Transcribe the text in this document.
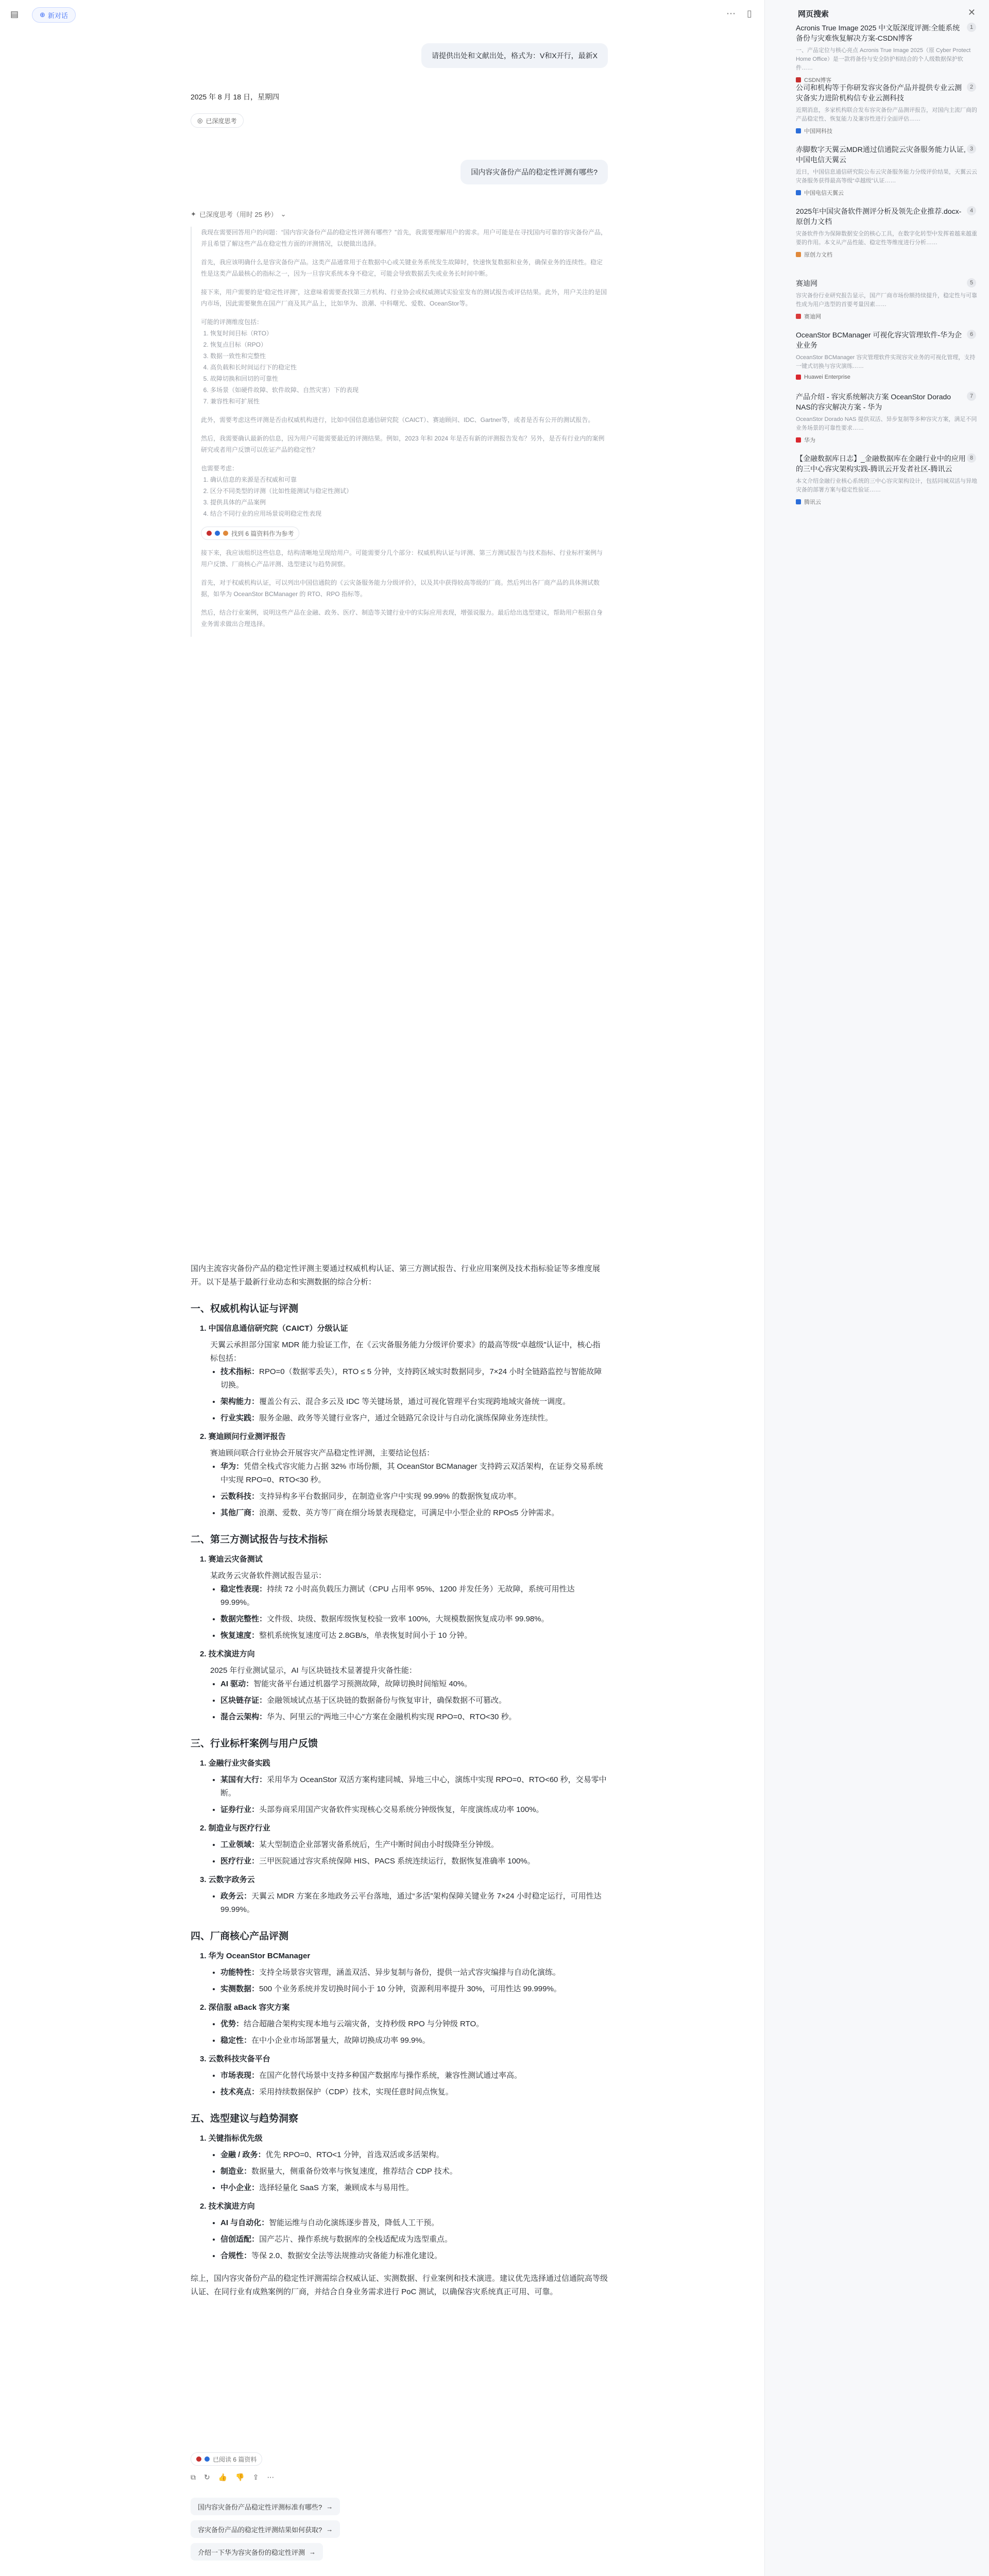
▤	⊕ 新对话	⋯ ▯
请提供出处和文献出处，格式为：V和X开行，最新X
2025 年 8 月 18 日，星期四
◎ 已深度思考
国内容灾备份产品的稳定性评测有哪些?
✦ 已深度思考（用时 25 秒） ⌄

我现在需要回答用户的问题：“国内容灾备份产品的稳定性评测有哪些？”首先，我需要理解用户的需求。用户可能是在寻找国内可靠的容灾备份产品，并且希望了解这些产品在稳定性方面的评测情况，以便做出选择。

首先，我应该明确什么是容灾备份产品。这类产品通常用于在数据中心或关键业务系统发生故障时，快速恢复数据和业务，确保业务的连续性。稳定性是这类产品最核心的指标之一，因为一旦容灾系统本身不稳定，可能会导致数据丢失或业务长时间中断。

接下来，用户需要的是“稳定性评测”，这意味着需要查找第三方机构、行业协会或权威测试实验室发布的测试报告或评估结果。此外，用户关注的是国内市场，因此需要聚焦在国产厂商及其产品上，比如华为、浪潮、中科曙光、爱数、OceanStor等。

可能的评测维度包括：
1. 恢复时间目标（RTO）
2. 恢复点目标（RPO）
3. 数据一致性和完整性
4. 高负载和长时间运行下的稳定性
5. 故障切换和回切的可靠性
6. 多场景（如硬件故障、软件故障、自然灾害）下的表现
7. 兼容性和可扩展性

此外，需要考虑这些评测是否由权威机构进行，比如中国信息通信研究院（CAICT）、赛迪顾问、IDC、Gartner等，或者是否有公开的测试报告。

然后，我需要确认最新的信息，因为用户可能需要最近的评测结果。例如，2023 年和 2024 年是否有新的评测报告发布？另外，是否有行业内的案例研究或者用户反馈可以佐证产品的稳定性？

也需要考虑：
1. 确认信息的来源是否权威和可靠
2. 区分不同类型的评测（比如性能测试与稳定性测试）
3. 提供具体的产品案例
4. 结合不同行业的应用场景说明稳定性表现
找到 6 篇资料作为参考

接下来，我应该组织这些信息，结构清晰地呈现给用户。可能需要分几个部分：权威机构认证与评测、第三方测试报告与技术指标、行业标杆案例与用户反馈、厂商核心产品评测、选型建议与趋势洞察。

首先，对于权威机构认证，可以列出中国信通院的《云灾备服务能力分级评价》，以及其中获得较高等级的厂商。然后列出各厂商产品的具体测试数据，如华为 OceanStor BCManager 的 RTO、RPO 指标等。

然后，结合行业案例，说明这些产品在金融、政务、医疗、制造等关键行业中的实际应用表现，增强说服力。最后给出选型建议，帮助用户根据自身业务需求做出合理选择。

国内主流容灾备份产品的稳定性评测主要通过权威机构认证、第三方测试报告、行业应用案例及技术指标验证等多维度展开。以下是基于最新行业动态和实测数据的综合分析：

一、权威机构认证与评测
1. 中国信息通信研究院（CAICT）分级认证

天翼云承担部分国家 MDR 能力验证工作，在《云灾备服务能力分级评价要求》的最高等级“卓越级”认证中，核心指标包括：

• 技术指标：RPO=0（数据零丢失），RTO ≤ 5 分钟，支持跨区域实时数据同步，7×24 小时全链路监控与智能故障切换。
• 架构能力：覆盖公有云、混合多云及 IDC 等关键场景，通过可视化管理平台实现跨地域灾备统一调度。
• 行业实践：服务金融、政务等关键行业客户，通过全链路冗余设计与自动化演练保障业务连续性。
2. 赛迪顾问行业测评报告

赛迪顾问联合行业协会开展容灾产品稳定性评测，主要结论包括：

• 华为：凭借全栈式容灾能力占据 32% 市场份额，其 OceanStor BCManager 支持跨云双活架构，在证券交易系统中实现 RPO=0、RTO<30 秒。
• 云数科技：支持异构多平台数据同步，在制造业客户中实现 99.99% 的数据恢复成功率。
• 其他厂商：浪潮、爱数、英方等厂商在细分场景表现稳定，可满足中小型企业的 RPO≤5 分钟需求。
二、第三方测试报告与技术指标
1. 赛迪云灾备测试

某政务云灾备软件测试报告显示：

• 稳定性表现：持续 72 小时高负载压力测试（CPU 占用率 95%、1200 并发任务）无故障，系统可用性达 99.99%。
• 数据完整性：文件级、块级、数据库级恢复校验一致率 100%，大规模数据恢复成功率 99.98%。
• 恢复速度：整机系统恢复速度可达 2.8GB/s，单表恢复时间小于 10 分钟。
2. 技术演进方向

2025 年行业测试显示，AI 与区块链技术显著提升灾备性能：

• AI 驱动：智能灾备平台通过机器学习预测故障，故障切换时间缩短 40%。
• 区块链存证：金融领域试点基于区块链的数据备份与恢复审计，确保数据不可篡改。
• 混合云架构：华为、阿里云的“两地三中心”方案在金融机构实现 RPO=0、RTO<30 秒。
三、行业标杆案例与用户反馈
1. 金融行业灾备实践
• 某国有大行：采用华为 OceanStor 双活方案构建同城、异地三中心，演练中实现 RPO=0、RTO<60 秒，交易零中断。
• 证券行业：头部券商采用国产灾备软件实现核心交易系统分钟级恢复，年度演练成功率 100%。
2. 制造业与医疗行业
• 工业领域：某大型制造企业部署灾备系统后，生产中断时间由小时级降至分钟级。
• 医疗行业：三甲医院通过容灾系统保障 HIS、PACS 系统连续运行，数据恢复准确率 100%。
3. 云数字政务云
• 政务云：天翼云 MDR 方案在多地政务云平台落地，通过“多活”架构保障关键业务 7×24 小时稳定运行，可用性达 99.99%。
四、厂商核心产品评测
1. 华为 OceanStor BCManager
• 功能特性：支持全场景容灾管理，涵盖双活、异步复制与备份，提供一站式容灾编排与自动化演练。
• 实测数据：500 个业务系统并发切换时间小于 10 分钟，资源利用率提升 30%，可用性达 99.999%。
2. 深信服 aBack 容灾方案
• 优势：结合超融合架构实现本地与云端灾备，支持秒级 RPO 与分钟级 RTO。
• 稳定性：在中小企业市场部署量大，故障切换成功率 99.9%。
3. 云数科技灾备平台
• 市场表现：在国产化替代场景中支持多种国产数据库与操作系统，兼容性测试通过率高。
• 技术亮点：采用持续数据保护（CDP）技术，实现任意时间点恢复。
五、选型建议与趋势洞察
1. 关键指标优先级
• 金融 / 政务：优先 RPO=0、RTO<1 分钟，首选双活或多活架构。
• 制造业：数据量大，侧重备份效率与恢复速度，推荐结合 CDP 技术。
• 中小企业：选择轻量化 SaaS 方案，兼顾成本与易用性。
2. 技术演进方向
• AI 与自动化：智能运维与自动化演练逐步普及，降低人工干预。
• 信创适配：国产芯片、操作系统与数据库的全栈适配成为选型重点。
• 合规性：等保 2.0、数据安全法等法规推动灾备能力标准化建设。

综上，国内容灾备份产品的稳定性评测需综合权威认证、实测数据、行业案例和技术演进。建议优先选择通过信通院高等级认证、在同行业有成熟案例的厂商，并结合自身业务需求进行 PoC 测试，以确保容灾系统真正可用、可靠。

已阅读 6 篇资料
⧉ ↻ 👍 👎 ⇪ ⋯
国内容灾备份产品稳定性评测标准有哪些? →
容灾备份产品的稳定性评测结果如何获取? →
介绍一下华为容灾备份的稳定性评测 →
网页搜索	✕
Acronis True Image 2025 中文版深度评测:全能系统备份与灾难恢复解决方案-CSDN博客
1
一、产品定位与核心亮点 Acronis True Image 2025（原 Cyber Protect Home Office）是一款将备份与安全防护相结合的个人级数据保护软件……
CSDN博客
公司和机构等于你研发容灾备份产品并提供专业云测灾备实力进阶机构信专业云测科技
2
近期消息，多家机构联合发布容灾备份产品测评报告，对国内主流厂商的产品稳定性、恢复能力及兼容性进行全面评估……
中国网科技
赤脚数字天翼云MDR通过信通院云灾备服务能力认证,中国电信天翼云
3
近日，中国信息通信研究院公布云灾备服务能力分级评价结果，天翼云云灾备服务获得最高等级“卓越级”认证……
中国电信天翼云
2025年中国灾备软件测评分析及领先企业推荐.docx-原创力文档
4
灾备软件作为保障数据安全的核心工具，在数字化转型中发挥着越来越重要的作用。本文从产品性能、稳定性等维度进行分析……
原创力文档
赛迪网	5
容灾备份行业研究报告显示，国产厂商市场份额持续提升，稳定性与可靠性成为用户选型的首要考量因素……
赛迪网
OceanStor BCManager 可视化容灾管理软件-华为企业业务
6
OceanStor BCManager 容灾管理软件实现容灾业务的可视化管理，支持一键式切换与容灾演练……
Huawei Enterprise
产品介绍 - 容灾系统解决方案 OceanStor Dorado NAS的容灾解决方案 - 华为
7
OceanStor Dorado NAS 提供双活、异步复制等多种容灾方案，满足不同业务场景的可靠性要求……
华为
【金融数据库日志】_金融数据库在金融行业中的应用的三中心容灾架构实践-腾讯云开发者社区-腾讯云
8
本文介绍金融行业核心系统的三中心容灾架构设计，包括同城双活与异地灾备的部署方案与稳定性验证……
腾讯云
